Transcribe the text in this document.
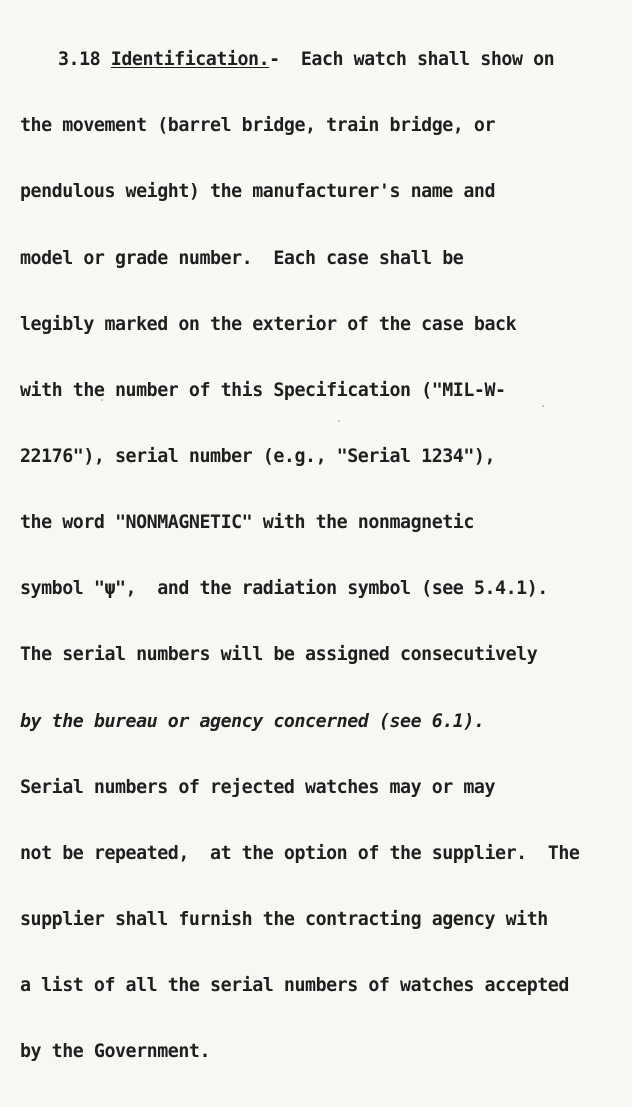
3.18 Identification.- Each watch shall show on

the movement (barrel bridge, train bridge, or

pendulous weight) the manufacturer's name and

model or grade number.  Each case shall be

legibly marked on the exterior of the case back

with the number of this Specification ("MIL-W-

22176"), serial number (e.g., "Serial 1234"),

the word "NONMAGNETIC" with the nonmagnetic

symbol "ψ",  and the radiation symbol (see 5.4.1).

The serial numbers will be assigned consecutively

by the bureau or agency concerned (see 6.1).

Serial numbers of rejected watches may or may

not be repeated,  at the option of the supplier.  The

supplier shall furnish the contracting agency with

a list of all the serial numbers of watches accepted

by the Government.
